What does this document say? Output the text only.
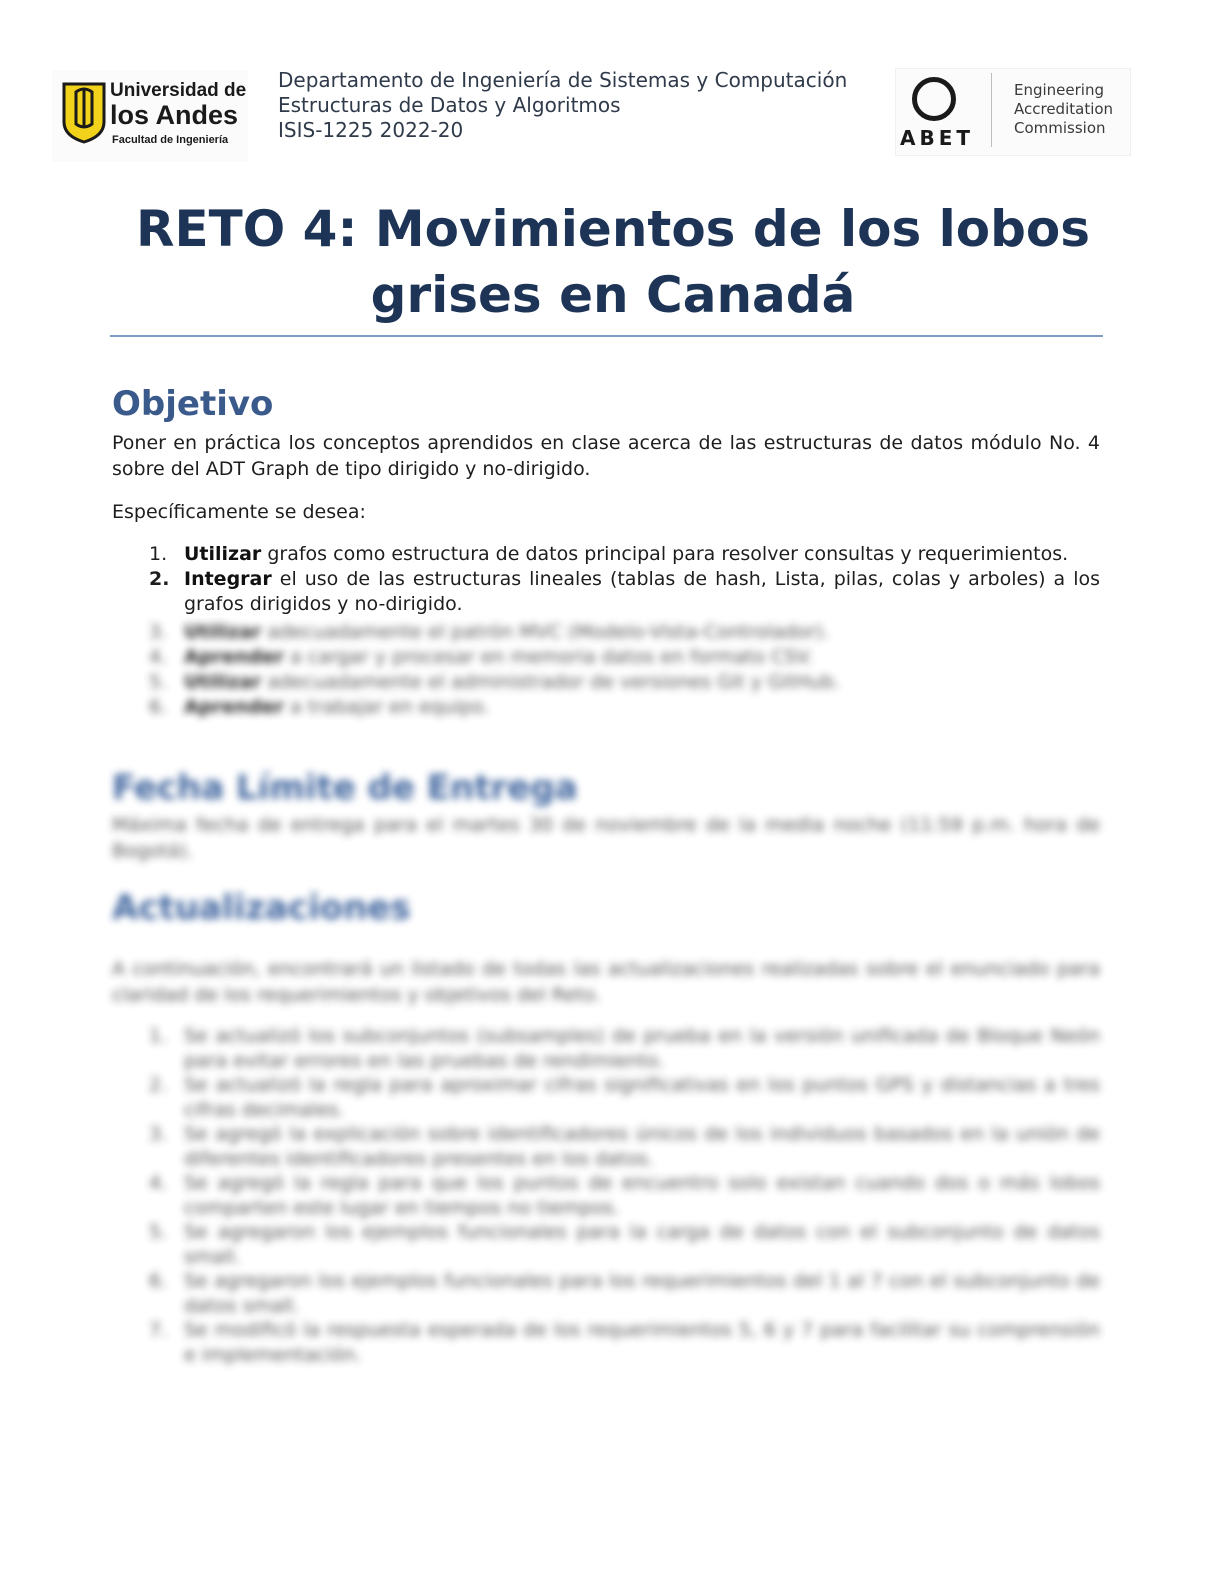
Universidad de
los Andes
Facultad de Ingeniería
Departamento de Ingeniería de Sistemas y Computación
Estructuras de Datos y Algoritmos
ISIS-1225 2022-20	ABET
Engineering
Accreditation
Commission
RETO 4: Movimientos de los lobos
grises en Canadá
Objetivo
Poner en práctica los conceptos aprendidos en clase acerca de las estructuras de datos módulo No. 4 sobre del ADT Graph de tipo dirigido y no-dirigido.
Específicamente se desea:
1. Utilizar grafos como estructura de datos principal para resolver consultas y requerimientos.
2. Integrar el uso de las estructuras lineales (tablas de hash, Lista, pilas, colas y arboles) a los grafos dirigidos y no-dirigido.
3. Utilizar adecuadamente el patrón MVC (Modelo-Vista-Controlador).
4. Aprender a cargar y procesar en memoria datos en formato CSV.
5. Utilizar adecuadamente el administrador de versiones Git y GitHub.
6. Aprender a trabajar en equipo.
Fecha Límite de Entrega
Máxima fecha de entrega para el martes 30 de noviembre de la media noche (11:59 p.m. hora de Bogotá).
Actualizaciones
A continuación, encontrará un listado de todas las actualizaciones realizadas sobre el enunciado para claridad de los requerimientos y objetivos del Reto.
1. Se actualizó los subconjuntos (subsamples) de prueba en la versión unificada de Bloque Neón para evitar errores en las pruebas de rendimiento.
2. Se actualizó la regla para aproximar cifras significativas en los puntos GPS y distancias a tres cifras decimales.
3. Se agregó la explicación sobre identificadores únicos de los individuos basados en la unión de diferentes identificadores presentes en los datos.
4. Se agregó la regla para que los puntos de encuentro solo existan cuando dos o más lobos comparten este lugar en tiempos no tiempos.
5. Se agregaron los ejemplos funcionales para la carga de datos con el subconjunto de datos small.
6. Se agregaron los ejemplos funcionales para los requerimientos del 1 al 7 con el subconjunto de datos small.
7. Se modificó la respuesta esperada de los requerimientos 5, 6 y 7 para facilitar su comprensión e implementación.
